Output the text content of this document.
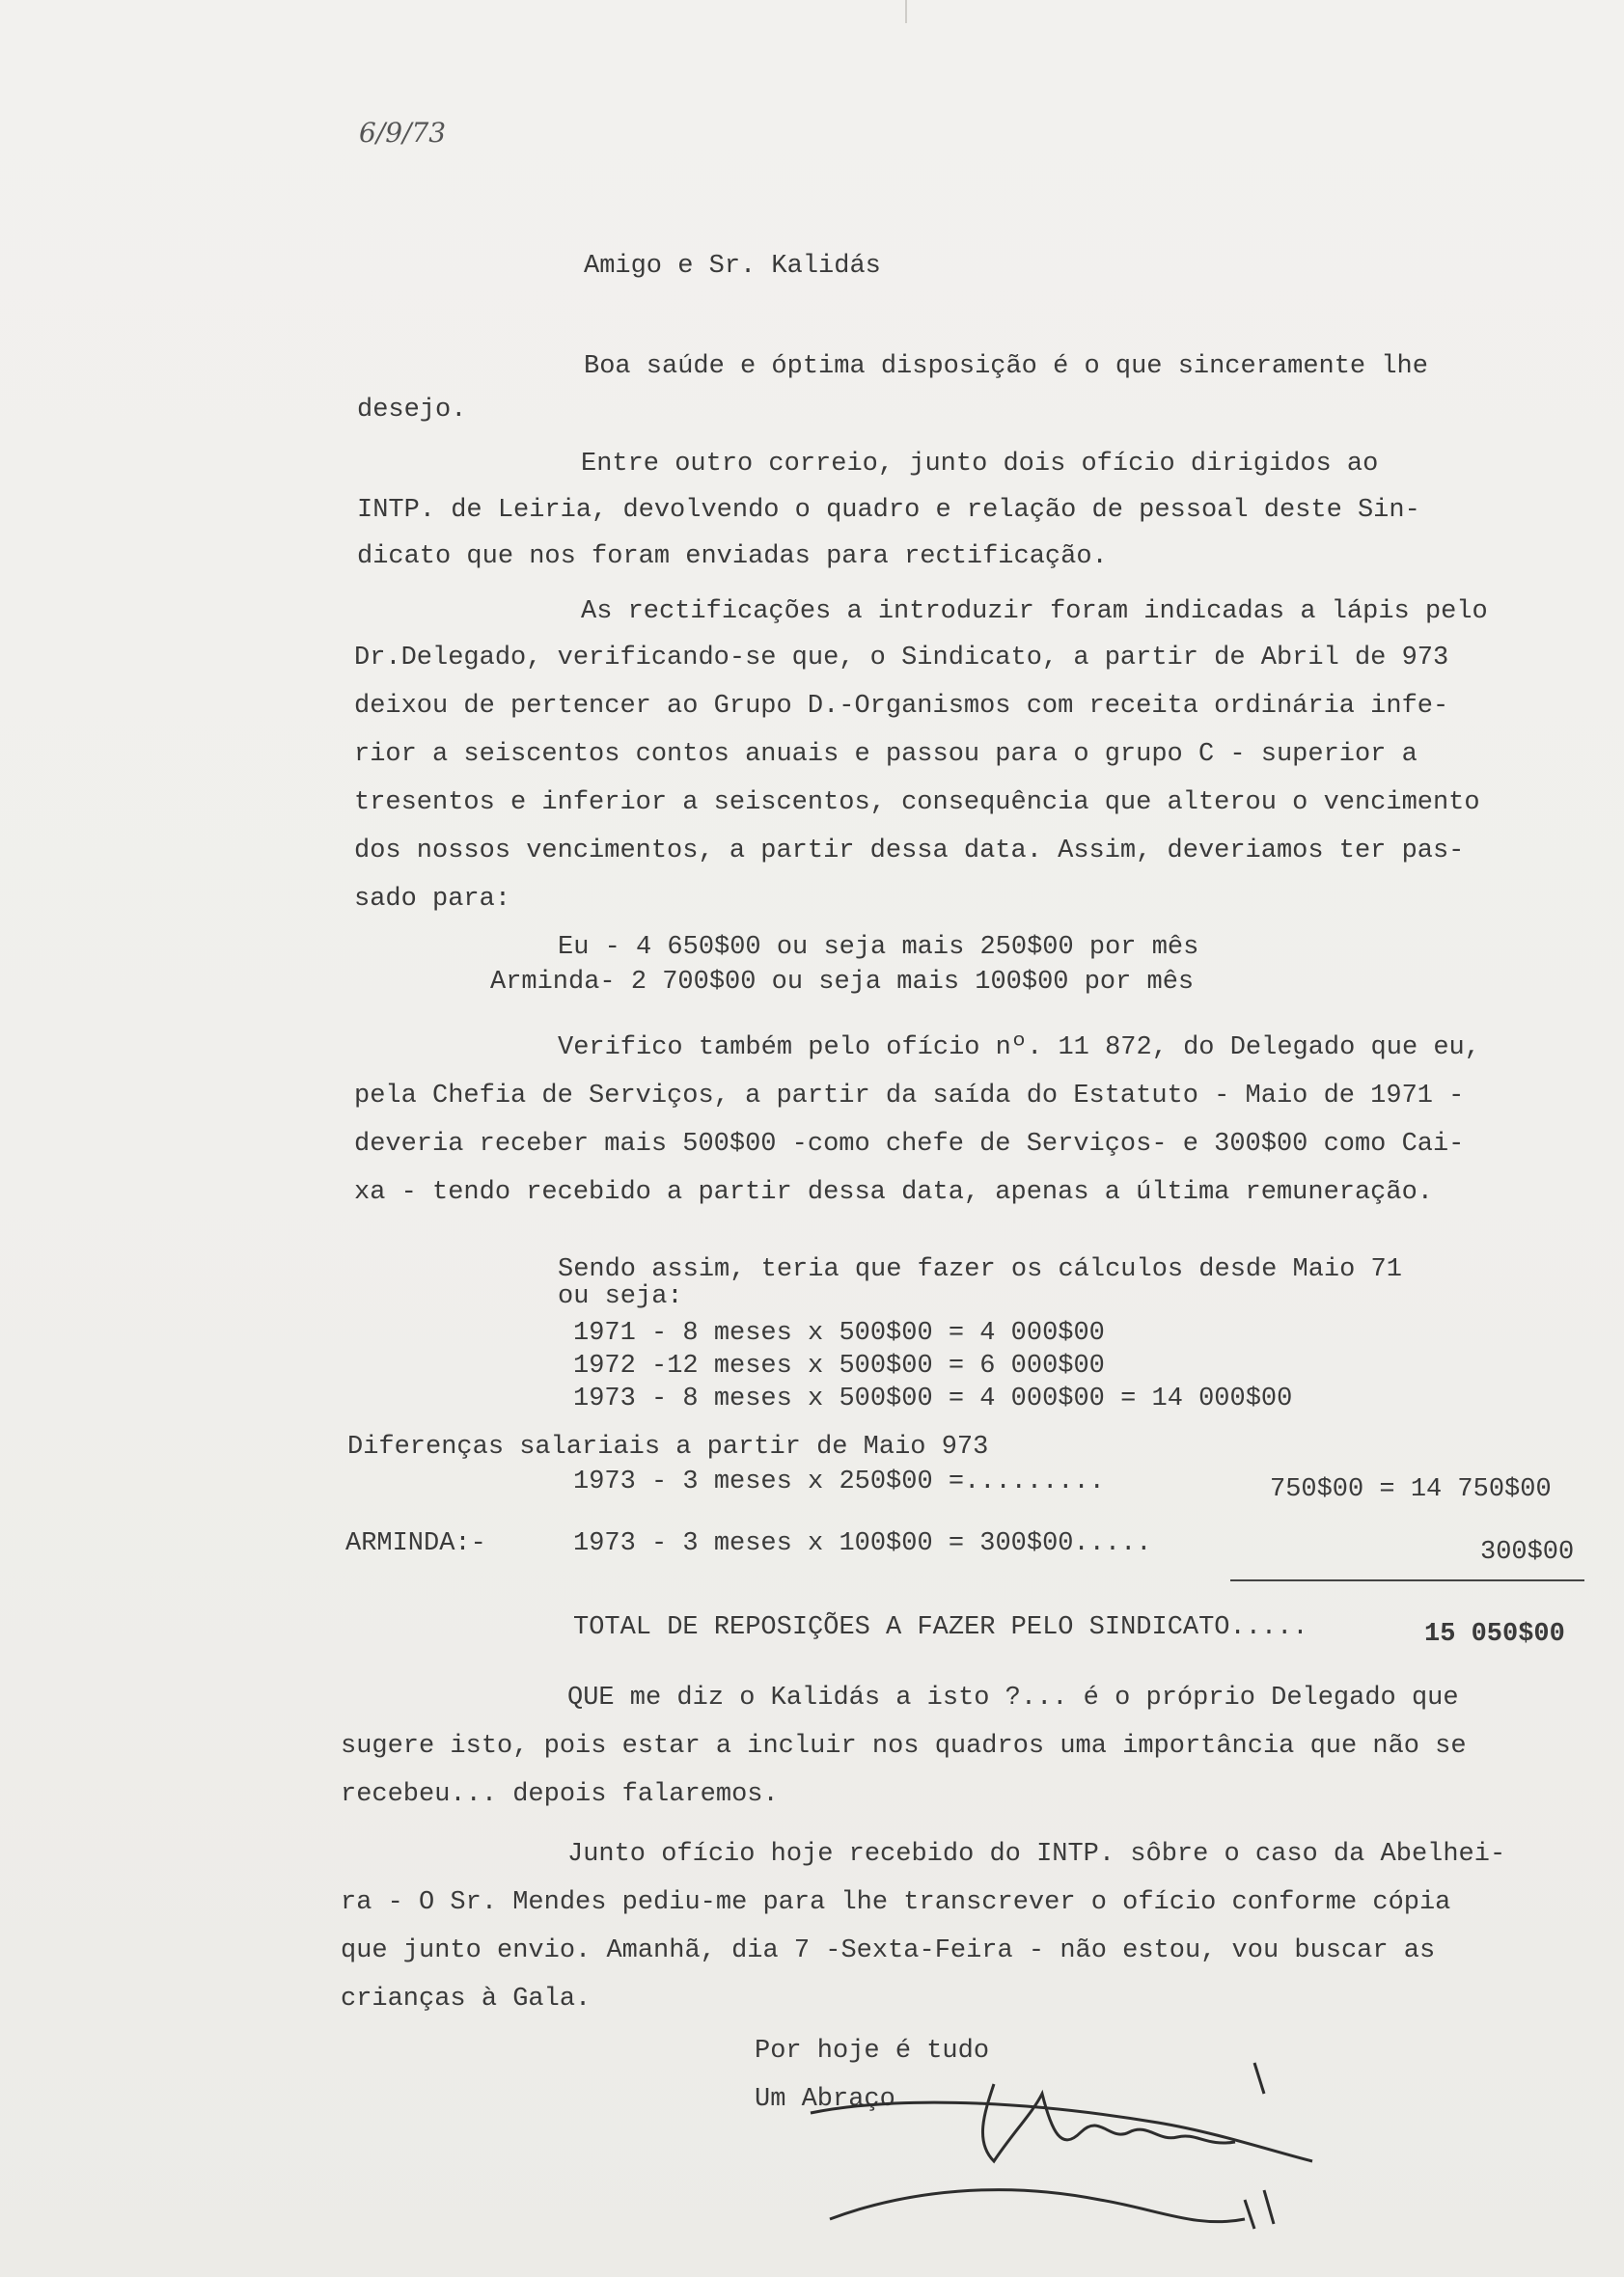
6/9/73
Amigo e Sr. Kalidás
Boa saúde e óptima disposição é o que sinceramente lhe
desejo.
Entre outro correio, junto dois ofício dirigidos ao
INTP. de Leiria, devolvendo o quadro e relação de pessoal deste Sin-
dicato que nos foram enviadas para rectificação.
As rectificações a introduzir foram indicadas a lápis pelo
Dr.Delegado, verificando-se que, o Sindicato, a partir de Abril de 973
deixou de pertencer ao Grupo D.-Organismos com receita ordinária infe-
rior a seiscentos contos anuais e passou para o grupo C - superior a
tresentos e inferior a seiscentos, consequência que alterou o vencimento
dos nossos vencimentos, a partir dessa data. Assim, deveriamos ter pas-
sado para:
Eu - 4 650$00 ou seja mais 250$00 por mês
Arminda- 2 700$00 ou seja mais 100$00 por mês
Verifico também pelo ofício nº. 11 872, do Delegado que eu,
pela Chefia de Serviços, a partir da saída do Estatuto - Maio de 1971 -
deveria receber mais 500$00 -como chefe de Serviços- e 300$00 como Cai-
xa - tendo recebido a partir dessa data, apenas a última remuneração.
Sendo assim, teria que fazer os cálculos desde Maio 71
ou seja:
1971 - 8 meses x 500$00 = 4 000$00
1972 -12 meses x 500$00 = 6 000$00
1973 - 8 meses x 500$00 = 4 000$00 = 14 000$00
Diferenças salariais a partir de Maio 973
1973 - 3 meses x 250$00 =.........	750$00 = 14 750$00
ARMINDA:-	1973 - 3 meses x 100$00 = 300$00.....	300$00
TOTAL DE REPOSIÇÕES A FAZER PELO SINDICATO.....	15 050$00
QUE me diz o Kalidás a isto ?... é o próprio Delegado que
sugere isto, pois estar a incluir nos quadros uma importância que não se
recebeu... depois falaremos.
Junto ofício hoje recebido do INTP. sôbre o caso da Abelhei-
ra - O Sr. Mendes pediu-me para lhe transcrever o ofício conforme cópia
que junto envio. Amanhã, dia 7 -Sexta-Feira - não estou, vou buscar as
crianças à Gala.
Por hoje é tudo
Um Abraço
